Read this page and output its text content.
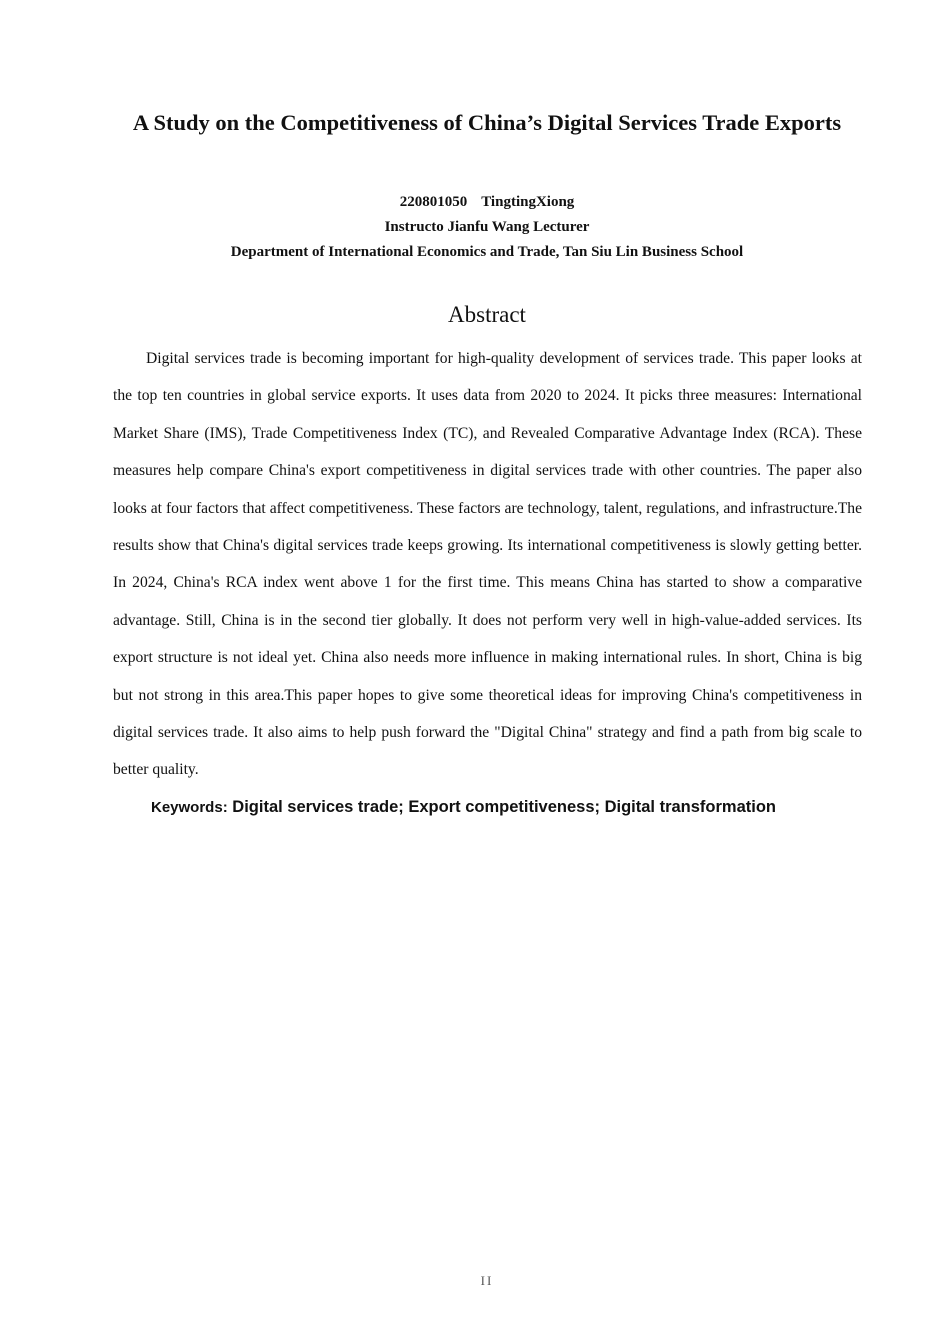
A Study on the Competitiveness of China’s Digital Services Trade Exports

220801050 TingtingXiong

Instructo Jianfu Wang Lecturer

Department of International Economics and Trade, Tan Siu Lin Business School

Abstract

Digital services trade is becoming important for high-quality development of services trade. This paper looks at the top ten countries in global service exports. It uses data from 2020 to 2024. It picks three measures: International Market Share (IMS), Trade Competitiveness Index (TC), and Revealed Comparative Advantage Index (RCA). These measures help compare China's export competitiveness in digital services trade with other countries. The paper also looks at four factors that affect competitiveness. These factors are technology, talent, regulations, and infrastructure.The results show that China's digital services trade keeps growing. Its international competitiveness is slowly getting better. In 2024, China's RCA index went above 1 for the first time. This means China has started to show a comparative advantage. Still, China is in the second tier globally. It does not perform very well in high-value-added services. Its export structure is not ideal yet. China also needs more influence in making international rules. In short, China is big but not strong in this area.This paper hopes to give some theoretical ideas for improving China's competitiveness in digital services trade. It also aims to help push forward the "Digital China" strategy and find a path from big scale to better quality.

Keywords: Digital services trade; Export competitiveness; Digital transformation

II
